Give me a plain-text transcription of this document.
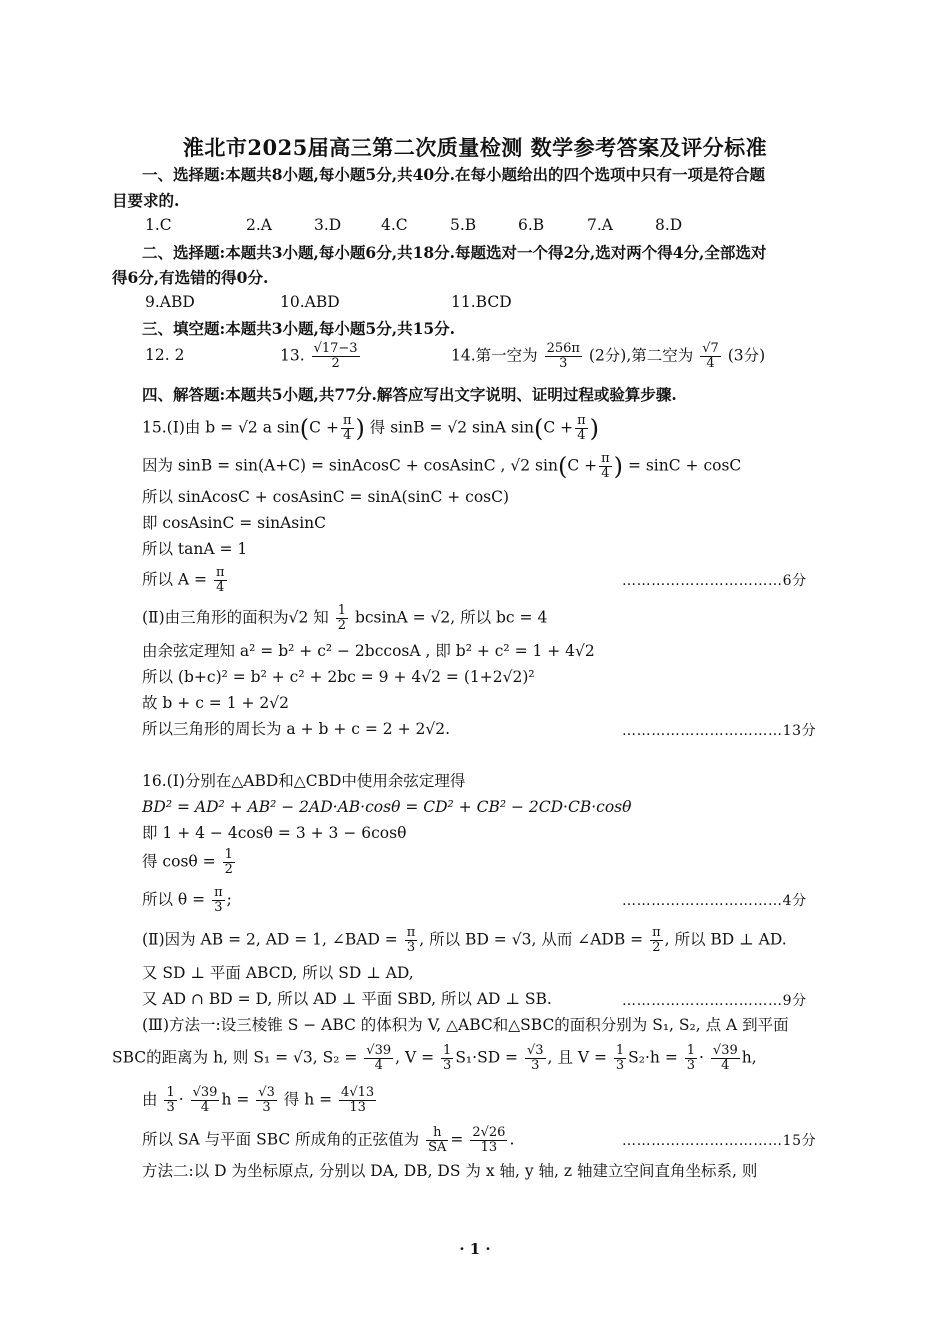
淮北市2025届高三第二次质量检测 数学参考答案及评分标准
一、选择题:本题共8小题,每小题5分,共40分.在每小题给出的四个选项中只有一项是符合题
目要求的.
1.C	2.A	3.D	4.C	5.B	6.B	7.A	8.D
二、选择题:本题共3小题,每小题6分,共18分.每题选对一个得2分,选对两个得4分,全部选对
得6分,有选错的得0分.
9.ABD	10.ABD	11.BCD
三、填空题:本题共3小题,每小题5分,共15分.
12. 2	13. $\frac{√17-3}{2}$	14.第一空为 $\frac{256\pi}{3} (2$分),第二空为 $\frac{√7}{4} (3$分)
四、解答题:本题共5小题,共77分.解答应写出文字说明、证明过程或验算步骤.
15.(Ⅰ)由 b = √2 a $\sin(C + \frac{\pi}{4}$ ) 得 sinB = √2 sinA $\sin(C + \frac{\pi}{4}$ )
因为 sinB = sin(A+C) = sinAcosC + cosAsinC , √2 $\sin(C + \frac{\pi}{4}$ ) = sinC + cosC
所以 sinAcosC + cosAsinC = sinA(sinC + cosC)
即 cosAsinC = sinAsinC
所以 tanA = 1
所以 $A = \frac{\pi}{4}$	……………………………6分
(Ⅱ)由三角形的面积为√2 知 $\frac{1}{2}$ bcsinA = √2, 所以 bc = 4
由余弦定理知 a² = b² + c² − 2bccosA , 即 b² + c² = 1 + 4√2
所以 (b+c)² = b² + c² + 2bc = 9 + 4√2 = (1+2√2)²
故 b + c = 1 + 2√2
所以三角形的周长为 a + b + c = 2 + 2√2.	……………………………13分
16.(Ⅰ)分别在△ABD和△CBD中使用余弦定理得
BD² = AD² + AB² − 2AD·AB·cosθ = CD² + CB² − 2CD·CB·cosθ
即 1 + 4 − 4cosθ = 3 + 3 − 6cosθ
得 $\cos\theta = \frac{1}{2}$
所以 $\theta = \frac{\pi}{3}$ ;	……………………………4分
(Ⅱ)因为 AB = 2, AD = 1, ∠BAD = $\frac{\pi}{3}$ , 所以 BD = √3, 从而 ∠ADB = $\frac{\pi}{2}$ , 所以 BD ⊥ AD.
又 SD ⊥ 平面 ABCD, 所以 SD ⊥ AD,
又 AD ∩ BD = D, 所以 AD ⊥ 平面 SBD, 所以 AD ⊥ SB.	……………………………9分
(Ⅲ)方法一:设三棱锥 S − ABC 的体积为 V, △ABC和△SBC的面积分别为 S₁, S₂, 点 A 到平面
SBC的距离为 h, 则 S₁ = √3, $S_2 = \frac{√39}{4}$ , $V = \frac{1}{3} S_1\cdot SD = \frac{√3}{3}$ , 且 $V = \frac{1}{3} S_2\cdot h = \frac{1}{3} \cdot \frac{√39}{4} h$,
由 $\frac{1}{3} \cdot \frac{√39}{4}$ $h = \frac{√3}{3}$ 得 $h = \frac{4√13}{13}$
所以 SA 与平面 SBC 所成角的正弦值为 $\frac{h}{SA} = \frac{2√26}{13}$ .	……………………………15分
方法二:以 D 为坐标原点, 分别以 DA, DB, DS 为 x 轴, y 轴, z 轴建立空间直角坐标系, 则
· 1 ·
